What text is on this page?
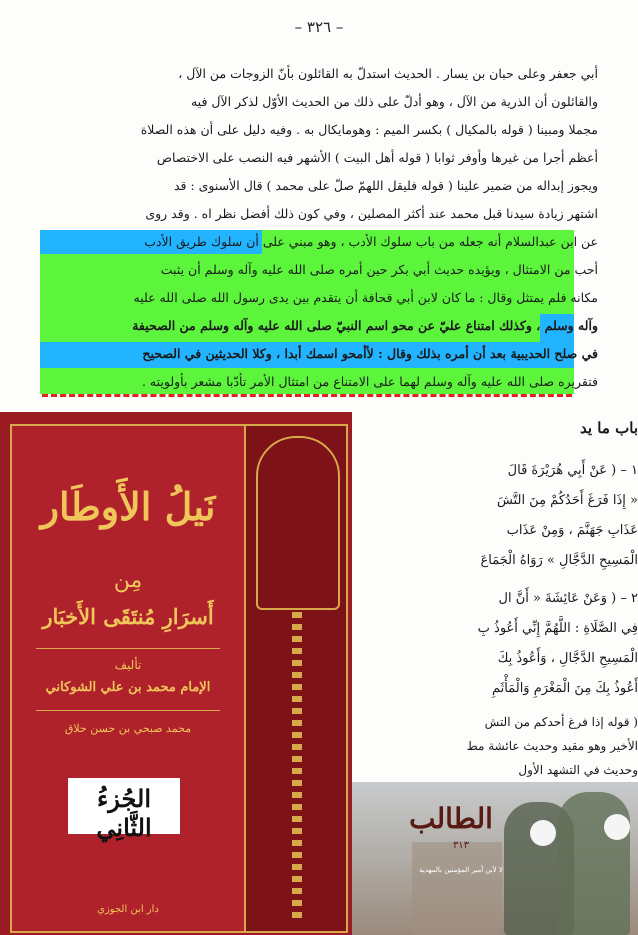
– ٣٢٦ –
أبي جعفر وعلى حبان بن يسار . الحديث استدلّ به القائلون بأنّ الزوجات من الآل ،
والقائلون أن الذرية من الآل ، وهو أدلّ على ذلك من الحديث الأوّل لذكر الآل فيه
مجملا ومبينا ( قوله بالمكيال ) بكسر الميم : وهومايكال به . وفيه دليل على أن هذه الصلاة
أعظم أجرا من غيرها وأوفر ثوابا ( قوله أهل البيت ) الأشهر فيه النصب على الاختصاص
ويجوز إبداله من ضمير علينا ( قوله فليقل اللهمّ صلّ على محمد ) قال الأسنوى : قد
اشتهر زيادة سيدنا قبل محمد عند أكثر المصلين ، وفي كون ذلك أفضل نظر اه . وقد روى
عن ابن عبدالسلام أنه جعله من باب سلوك الأدب ، وهو مبني على أن سلوك طريق الأدب
أحب من الامتثال ، ويؤيده حديث أبي بكر حين أمره صلى الله عليه وآله وسلم أن يثبت
مكانه فلم يمتثل وقال : ما كان لابن أبي قحافة أن يتقدم بين يدى رسول الله صلى الله عليه
وآله وسلم ، وكذلك امتناع عليّ عن محو اسم النبيّ صلى الله عليه وآله وسلم من الصحيفة
في صلح الحديبية بعد أن أمره بذلك وقال : لأأمحو اسمك أبدا ، وكلا الحديثين في الصحيح
فتقريره صلى الله عليه وآله وسلم لهما على الامتناع من امتثال الأمر تأدّبا مشعر بأولويته .
باب ما يد
١ – ( عَنْ أَبِي هُرَيْرَةَ قَالَ
« إِذَا فَرَغَ أَحَدُكُمْ مِنَ التَّشَ
عَذَابِ جَهَنَّمَ ، وَمِنْ عَذَاب
الْمَسِيحِ الدَّجَّالِ » رَوَاهُ الْجَمَاعَ
٢ – ( وَعَنْ عَائِشَةَ « أَنَّ ال
فِي الصَّلَاةِ : اللَّهُمَّ إِنِّي أَعُوذُ بِ
الْمَسِيحِ الدَّجَّالِ ، وَأَعُوذُ بِكَ
أَعُوذُ بِكَ مِنَ الْمَغْرَمِ وَالْمَأْثَمِ
( قوله إذا فرغ أحدكم من التش
الأخير وهو مقيد وحديث عائشة مط
وحديث في التشهد الأول
نَيلُ الأَوطَار
مِن
أَسرَارِ مُنتَقَى الأَخبَار
تأليف
الإمام محمد بن علي الشوكاني
محمد صبحي بن حسن حلاق
دار ابن الجوزي
الجُزءُ الثَّانِي	الطالب
٣١٣
لا لأبن أمير المؤمنين بالمهدية
